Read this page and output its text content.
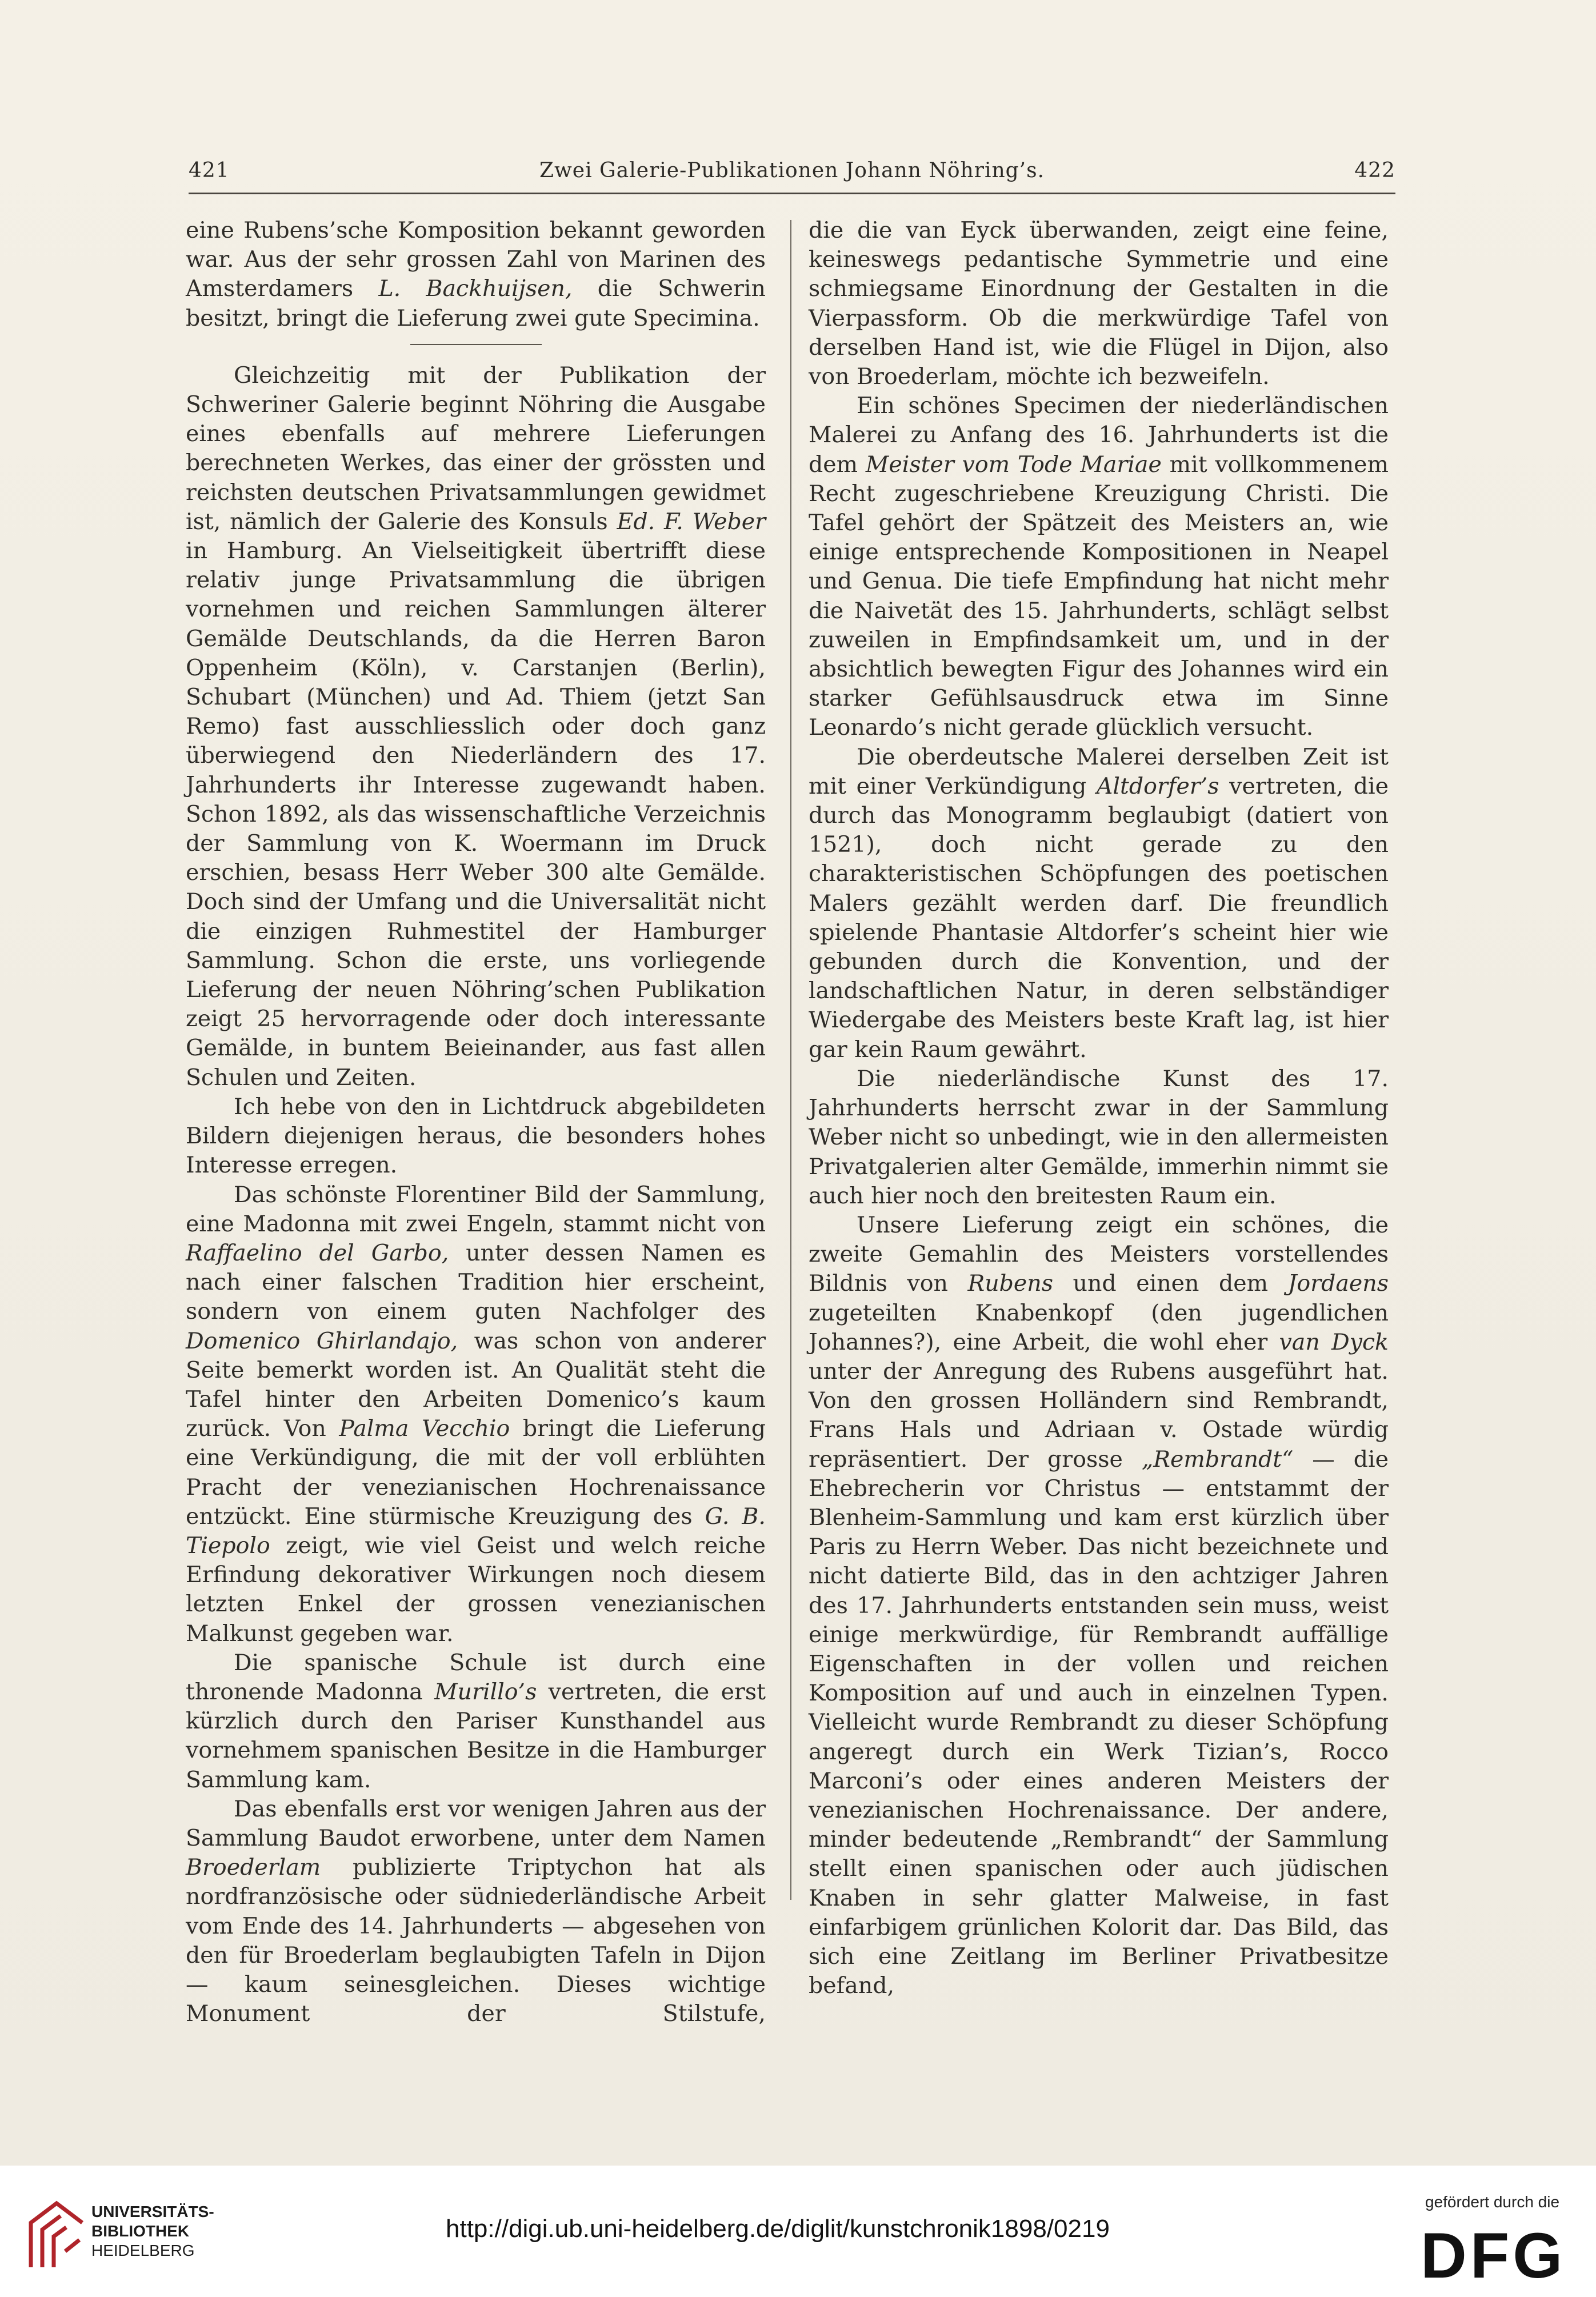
421	Zwei Galerie-Publikationen Johann Nöhring’s.	422

eine Rubens’sche Komposition bekannt geworden war. Aus der sehr grossen Zahl von Marinen des Amsterdamers L. Backhuijsen, die Schwerin besitzt, bringt die Lieferung zwei gute Specimina.

Gleichzeitig mit der Publikation der Schweriner Galerie beginnt Nöhring die Ausgabe eines ebenfalls auf mehrere Lieferungen berechneten Werkes, das einer der grössten und reichsten deutschen Privatsammlungen gewidmet ist, nämlich der Galerie des Konsuls Ed. F. Weber in Hamburg. An Vielseitigkeit übertrifft diese relativ junge Privatsammlung die übrigen vornehmen und reichen Sammlungen älterer Gemälde Deutschlands, da die Herren Baron Oppenheim (Köln), v. Carstanjen (Berlin), Schubart (München) und Ad. Thiem (jetzt San Remo) fast ausschliesslich oder doch ganz überwiegend den Niederländern des 17. Jahrhunderts ihr Interesse zugewandt haben. Schon 1892, als das wissenschaftliche Verzeichnis der Sammlung von K. Woermann im Druck erschien, besass Herr Weber 300 alte Gemälde. Doch sind der Umfang und die Universalität nicht die einzigen Ruhmestitel der Hamburger Sammlung. Schon die erste, uns vorliegende Lieferung der neuen Nöhring’schen Publikation zeigt 25 hervorragende oder doch interessante Gemälde, in buntem Beieinander, aus fast allen Schulen und Zeiten.

Ich hebe von den in Lichtdruck abgebildeten Bildern diejenigen heraus, die besonders hohes Interesse erregen.

Das schönste Florentiner Bild der Sammlung, eine Madonna mit zwei Engeln, stammt nicht von Raffaelino del Garbo, unter dessen Namen es nach einer falschen Tradition hier erscheint, sondern von einem guten Nachfolger des Domenico Ghirlandajo, was schon von anderer Seite bemerkt worden ist. An Qualität steht die Tafel hinter den Arbeiten Domenico’s kaum zurück. Von Palma Vecchio bringt die Lieferung eine Verkündigung, die mit der voll erblühten Pracht der venezianischen Hochrenaissance entzückt. Eine stürmische Kreuzigung des G. B. Tiepolo zeigt, wie viel Geist und welch reiche Erfindung dekorativer Wirkungen noch diesem letzten Enkel der grossen venezianischen Malkunst gegeben war.

Die spanische Schule ist durch eine thronende Madonna Murillo’s vertreten, die erst kürzlich durch den Pariser Kunsthandel aus vornehmem spanischen Besitze in die Hamburger Sammlung kam.

Das ebenfalls erst vor wenigen Jahren aus der Sammlung Baudot erworbene, unter dem Namen Broederlam publizierte Triptychon hat als nordfranzösische oder südniederländische Arbeit vom Ende des 14. Jahrhunderts — abgesehen von den für Broederlam beglaubigten Tafeln in Dijon — kaum seinesgleichen. Dieses wichtige Monument der Stilstufe,

die die van Eyck überwanden, zeigt eine feine, keineswegs pedantische Symmetrie und eine schmiegsame Einordnung der Gestalten in die Vierpassform. Ob die merkwürdige Tafel von derselben Hand ist, wie die Flügel in Dijon, also von Broederlam, möchte ich bezweifeln.

Ein schönes Specimen der niederländischen Malerei zu Anfang des 16. Jahrhunderts ist die dem Meister vom Tode Mariae mit vollkommenem Recht zugeschriebene Kreuzigung Christi. Die Tafel gehört der Spätzeit des Meisters an, wie einige entsprechende Kompositionen in Neapel und Genua. Die tiefe Empfindung hat nicht mehr die Naivetät des 15. Jahrhunderts, schlägt selbst zuweilen in Empfindsamkeit um, und in der absichtlich bewegten Figur des Johannes wird ein starker Gefühlsausdruck etwa im Sinne Leonardo’s nicht gerade glücklich versucht.

Die oberdeutsche Malerei derselben Zeit ist mit einer Verkündigung Altdorfer’s vertreten, die durch das Monogramm beglaubigt (datiert von 1521), doch nicht gerade zu den charakteristischen Schöpfungen des poetischen Malers gezählt werden darf. Die freundlich spielende Phantasie Altdorfer’s scheint hier wie gebunden durch die Konvention, und der landschaftlichen Natur, in deren selbständiger Wiedergabe des Meisters beste Kraft lag, ist hier gar kein Raum gewährt.

Die niederländische Kunst des 17. Jahrhunderts herrscht zwar in der Sammlung Weber nicht so unbedingt, wie in den allermeisten Privatgalerien alter Gemälde, immerhin nimmt sie auch hier noch den breitesten Raum ein.

Unsere Lieferung zeigt ein schönes, die zweite Gemahlin des Meisters vorstellendes Bildnis von Rubens und einen dem Jordaens zugeteilten Knabenkopf (den jugendlichen Johannes?), eine Arbeit, die wohl eher van Dyck unter der Anregung des Rubens ausgeführt hat. Von den grossen Holländern sind Rembrandt, Frans Hals und Adriaan v. Ostade würdig repräsentiert. Der grosse „Rembrandt“ — die Ehebrecherin vor Christus — entstammt der Blenheim-Sammlung und kam erst kürzlich über Paris zu Herrn Weber. Das nicht bezeichnete und nicht datierte Bild, das in den achtziger Jahren des 17. Jahrhunderts entstanden sein muss, weist einige merkwürdige, für Rembrandt auffällige Eigenschaften in der vollen und reichen Komposition auf und auch in einzelnen Typen. Vielleicht wurde Rembrandt zu dieser Schöpfung angeregt durch ein Werk Tizian’s, Rocco Marconi’s oder eines anderen Meisters der venezianischen Hochrenaissance. Der andere, minder bedeutende „Rembrandt“ der Sammlung stellt einen spanischen oder auch jüdischen Knaben in sehr glatter Malweise, in fast einfarbigem grünlichen Kolorit dar. Das Bild, das sich eine Zeitlang im Berliner Privatbesitze befand,

UNIVERSITÄTS-
BIBLIOTHEK
HEIDELBERG
http://digi.ub.uni-heidelberg.de/diglit/kunstchronik1898/0219
gefördert durch die
DFG
